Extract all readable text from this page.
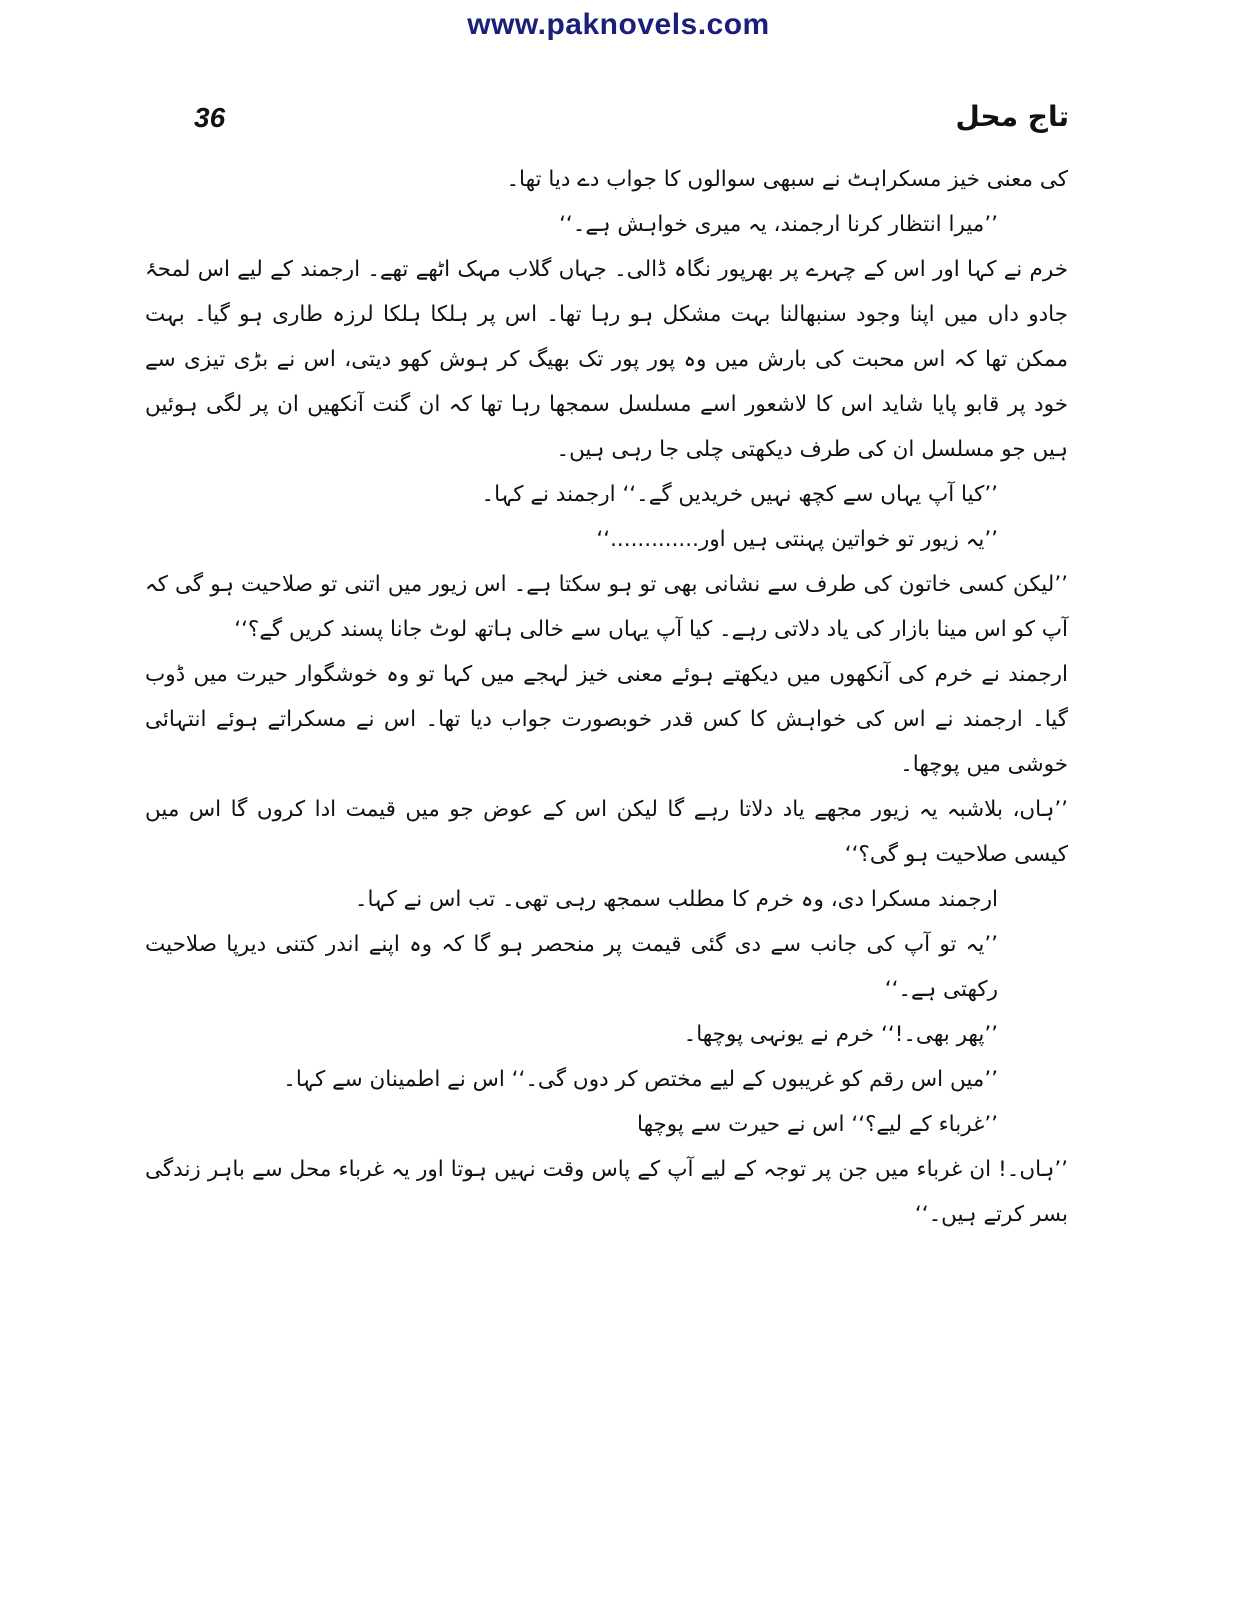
www.paknovels.com
تاج محل
36

کی معنی خیز مسکراہٹ نے سبھی سوالوں کا جواب دے دیا تھا۔

’’میرا انتظار کرنا ارجمند، یہ میری خواہش ہے۔‘‘

خرم نے کہا اور اس کے چہرے پر بھرپور نگاہ ڈالی۔ جہاں گلاب مہک اٹھے تھے۔ ارجمند کے لیے اس لمحۂ جادو داں میں اپنا وجود سنبھالنا بہت مشکل ہو رہا تھا۔ اس پر ہلکا ہلکا لرزہ طاری ہو گیا۔ بہت ممکن تھا کہ اس محبت کی بارش میں وہ پور پور تک بھیگ کر ہوش کھو دیتی، اس نے بڑی تیزی سے خود پر قابو پایا شاید اس کا لاشعور اسے مسلسل سمجھا رہا تھا کہ ان گنت آنکھیں ان پر لگی ہوئیں ہیں جو مسلسل ان کی طرف دیکھتی چلی جا رہی ہیں۔

’’کیا آپ یہاں سے کچھ نہیں خریدیں گے۔‘‘ ارجمند نے کہا۔

’’یہ زیور تو خواتین پہنتی ہیں اور.............‘‘

’’لیکن کسی خاتون کی طرف سے نشانی بھی تو ہو سکتا ہے۔ اس زیور میں اتنی تو صلاحیت ہو گی کہ آپ کو اس مینا بازار کی یاد دلاتی رہے۔ کیا آپ یہاں سے خالی ہاتھ لوٹ جانا پسند کریں گے؟‘‘

ارجمند نے خرم کی آنکھوں میں دیکھتے ہوئے معنی خیز لہجے میں کہا تو وہ خوشگوار حیرت میں ڈوب گیا۔ ارجمند نے اس کی خواہش کا کس قدر خوبصورت جواب دیا تھا۔ اس نے مسکراتے ہوئے انتہائی خوشی میں پوچھا۔

’’ہاں، بلاشبہ یہ زیور مجھے یاد دلاتا رہے گا لیکن اس کے عوض جو میں قیمت ادا کروں گا اس میں کیسی صلاحیت ہو گی؟‘‘

ارجمند مسکرا دی، وہ خرم کا مطلب سمجھ رہی تھی۔ تب اس نے کہا۔

’’یہ تو آپ کی جانب سے دی گئی قیمت پر منحصر ہو گا کہ وہ اپنے اندر کتنی دیرپا صلاحیت رکھتی ہے۔‘‘

’’پھر بھی۔!‘‘ خرم نے یونہی پوچھا۔

’’میں اس رقم کو غریبوں کے لیے مختص کر دوں گی۔‘‘ اس نے اطمینان سے کہا۔

’’غرباء کے لیے؟‘‘ اس نے حیرت سے پوچھا

’’ہاں۔! ان غرباء میں جن پر توجہ کے لیے آپ کے پاس وقت نہیں ہوتا اور یہ غرباء محل سے باہر زندگی بسر کرتے ہیں۔‘‘
